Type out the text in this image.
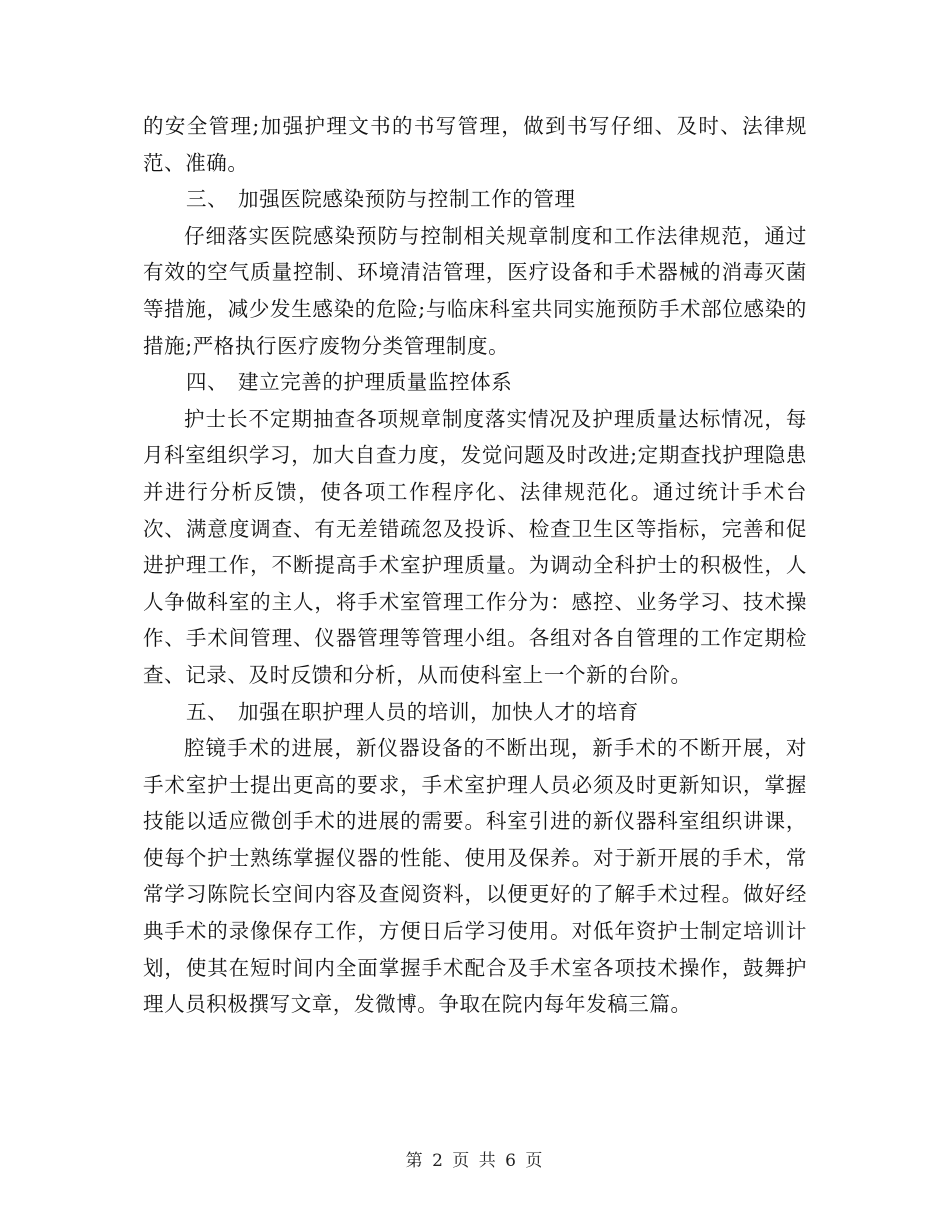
的安全管理;加强护理文书的书写管理，做到书写仔细、及时、法律规范、准确。

三、 加强医院感染预防与控制工作的管理

仔细落实医院感染预防与控制相关规章制度和工作法律规范，通过有效的空气质量控制、环境清洁管理，医疗设备和手术器械的消毒灭菌等措施，减少发生感染的危险;与临床科室共同实施预防手术部位感染的措施;严格执行医疗废物分类管理制度。

四、 建立完善的护理质量监控体系

护士长不定期抽查各项规章制度落实情况及护理质量达标情况，每月科室组织学习，加大自查力度，发觉问题及时改进;定期查找护理隐患并进行分析反馈，使各项工作程序化、法律规范化。通过统计手术台次、满意度调查、有无差错疏忽及投诉、检查卫生区等指标，完善和促进护理工作，不断提高手术室护理质量。为调动全科护士的积极性，人人争做科室的主人，将手术室管理工作分为：感控、业务学习、技术操作、手术间管理、仪器管理等管理小组。各组对各自管理的工作定期检查、记录、及时反馈和分析，从而使科室上一个新的台阶。

五、 加强在职护理人员的培训，加快人才的培育

腔镜手术的进展，新仪器设备的不断出现，新手术的不断开展，对手术室护士提出更高的要求，手术室护理人员必须及时更新知识，掌握技能以适应微创手术的进展的需要。科室引进的新仪器科室组织讲课，使每个护士熟练掌握仪器的性能、使用及保养。对于新开展的手术，常常学习陈院长空间内容及查阅资料，以便更好的了解手术过程。做好经典手术的录像保存工作，方便日后学习使用。对低年资护士制定培训计划，使其在短时间内全面掌握手术配合及手术室各项技术操作，鼓舞护理人员积极撰写文章，发微博。争取在院内每年发稿三篇。

第 2 页 共 6 页
